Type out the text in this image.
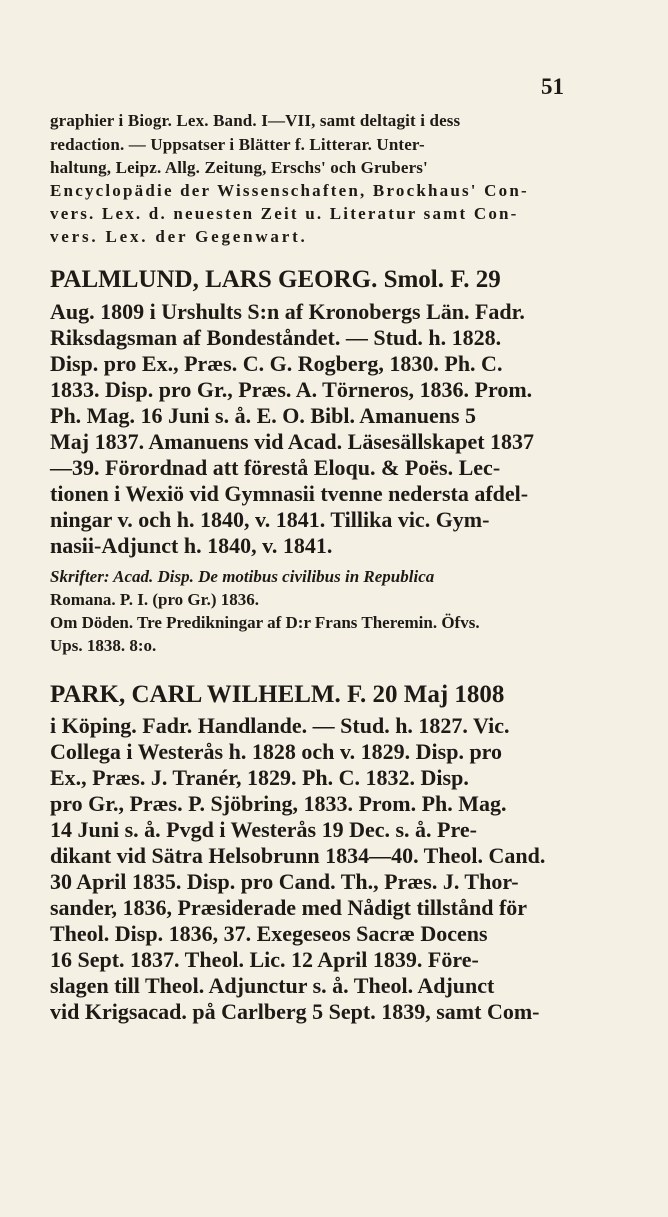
51
graphier i Biogr. Lex. Band. I—VII, samt deltagit i dess
redaction. — Uppsatser i Blätter f. Litterar. Unter-
haltung, Leipz. Allg. Zeitung, Erschs' och Grubers'
Encyclopädie der Wissenschaften, Brockhaus' Con-
vers. Lex. d. neuesten Zeit u. Literatur samt Con-
vers. Lex. der Gegenwart.
PALMLUND, LARS GEORG. Smol. F. 29
Aug. 1809 i Urshults S:n af Kronobergs Län. Fadr.
Riksdagsman af Bondeståndet. — Stud. h. 1828.
Disp. pro Ex., Præs. C. G. Rogberg, 1830. Ph. C.
1833. Disp. pro Gr., Præs. A. Törneros, 1836. Prom.
Ph. Mag. 16 Juni s. å. E. O. Bibl. Amanuens 5
Maj 1837. Amanuens vid Acad. Läsesällskapet 1837
—39. Förordnad att förestå Eloqu. & Poës. Lec-
tionen i Wexiö vid Gymnasii tvenne nedersta afdel-
ningar v. och h. 1840, v. 1841. Tillika vic. Gym-
nasii-Adjunct h. 1840, v. 1841.
Skrifter: Acad. Disp. De motibus civilibus in Republica
Romana. P. I. (pro Gr.) 1836.
Om Döden. Tre Predikningar af D:r Frans Theremin. Öfvs.
Ups. 1838. 8:o.
PARK, CARL WILHELM. F. 20 Maj 1808
i Köping. Fadr. Handlande. — Stud. h. 1827. Vic.
Collega i Westerås h. 1828 och v. 1829. Disp. pro
Ex., Præs. J. Tranér, 1829. Ph. C. 1832. Disp.
pro Gr., Præs. P. Sjöbring, 1833. Prom. Ph. Mag.
14 Juni s. å. Pvgd i Westerås 19 Dec. s. å. Pre-
dikant vid Sätra Helsobrunn 1834—40. Theol. Cand.
30 April 1835. Disp. pro Cand. Th., Præs. J. Thor-
sander, 1836, Præsiderade med Nådigt tillstånd för
Theol. Disp. 1836, 37. Exegeseos Sacræ Docens
16 Sept. 1837. Theol. Lic. 12 April 1839. Före-
slagen till Theol. Adjunctur s. å. Theol. Adjunct
vid Krigsacad. på Carlberg 5 Sept. 1839, samt Com-
